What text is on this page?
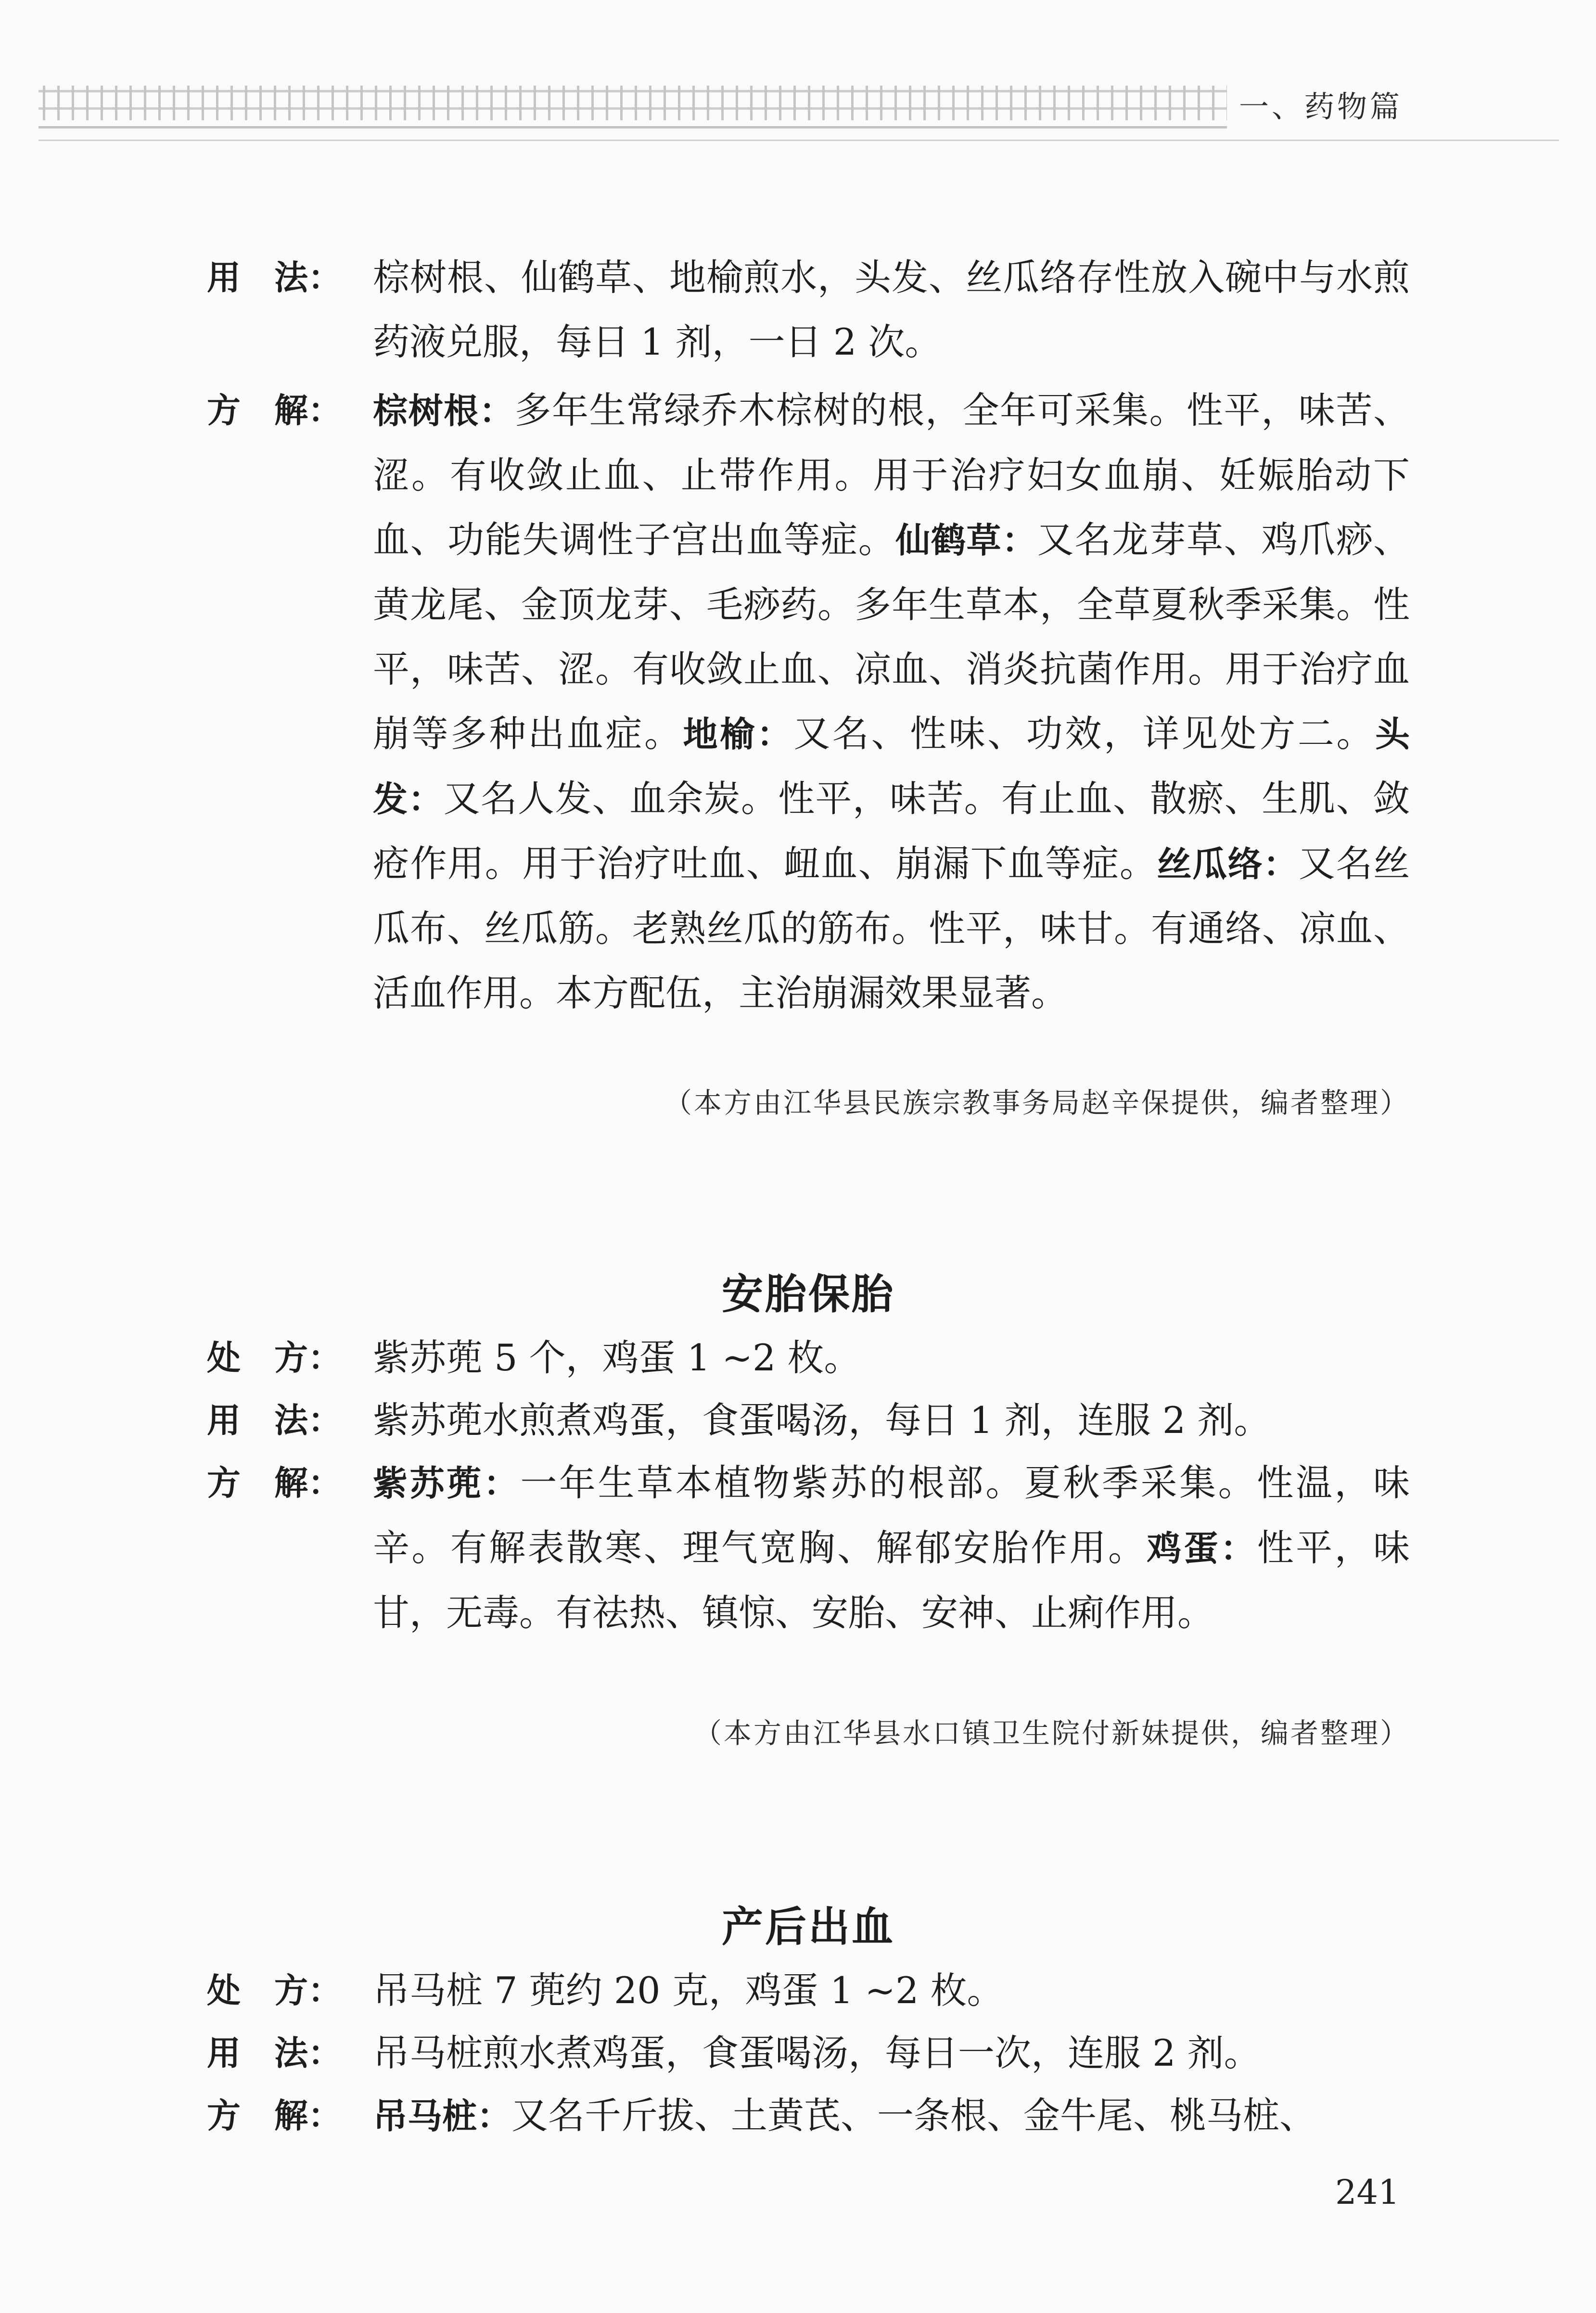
一、药物篇
用　法： 棕树根、仙鹤草、地榆煎水，头发、丝瓜络存性放入碗中与水煎药液兑服，每日 1 剂，一日 2 次。
方　解： 棕树根：多年生常绿乔木棕树的根，全年可采集。性平，味苦、涩。有收敛止血、止带作用。用于治疗妇女血崩、妊娠胎动下血、功能失调性子宫出血等症。仙鹤草：又名龙芽草、鸡爪痧、黄龙尾、金顶龙芽、毛痧药。多年生草本，全草夏秋季采集。性平，味苦、涩。有收敛止血、凉血、消炎抗菌作用。用于治疗血崩等多种出血症。地榆：又名、性味、功效，详见处方二。头发：又名人发、血余炭。性平，味苦。有止血、散瘀、生肌、敛疮作用。用于治疗吐血、衄血、崩漏下血等症。丝瓜络：又名丝瓜布、丝瓜筋。老熟丝瓜的筋布。性平，味甘。有通络、凉血、活血作用。本方配伍，主治崩漏效果显著。
（本方由江华县民族宗教事务局赵辛保提供，编者整理）
安胎保胎
处　方： 紫苏蔸 5 个，鸡蛋 1 ~2 枚。
用　法： 紫苏蔸水煎煮鸡蛋，食蛋喝汤，每日 1 剂，连服 2 剂。
方　解： 紫苏蔸：一年生草本植物紫苏的根部。夏秋季采集。性温，味辛。有解表散寒、理气宽胸、解郁安胎作用。鸡蛋：性平，味甘，无毒。有祛热、镇惊、安胎、安神、止痢作用。
（本方由江华县水口镇卫生院付新妹提供，编者整理）
产后出血
处　方： 吊马桩 7 蔸约 20 克，鸡蛋 1 ~2 枚。
用　法： 吊马桩煎水煮鸡蛋，食蛋喝汤，每日一次，连服 2 剂。
方　解： 吊马桩：又名千斤拔、土黄芪、一条根、金牛尾、桃马桩、
241
